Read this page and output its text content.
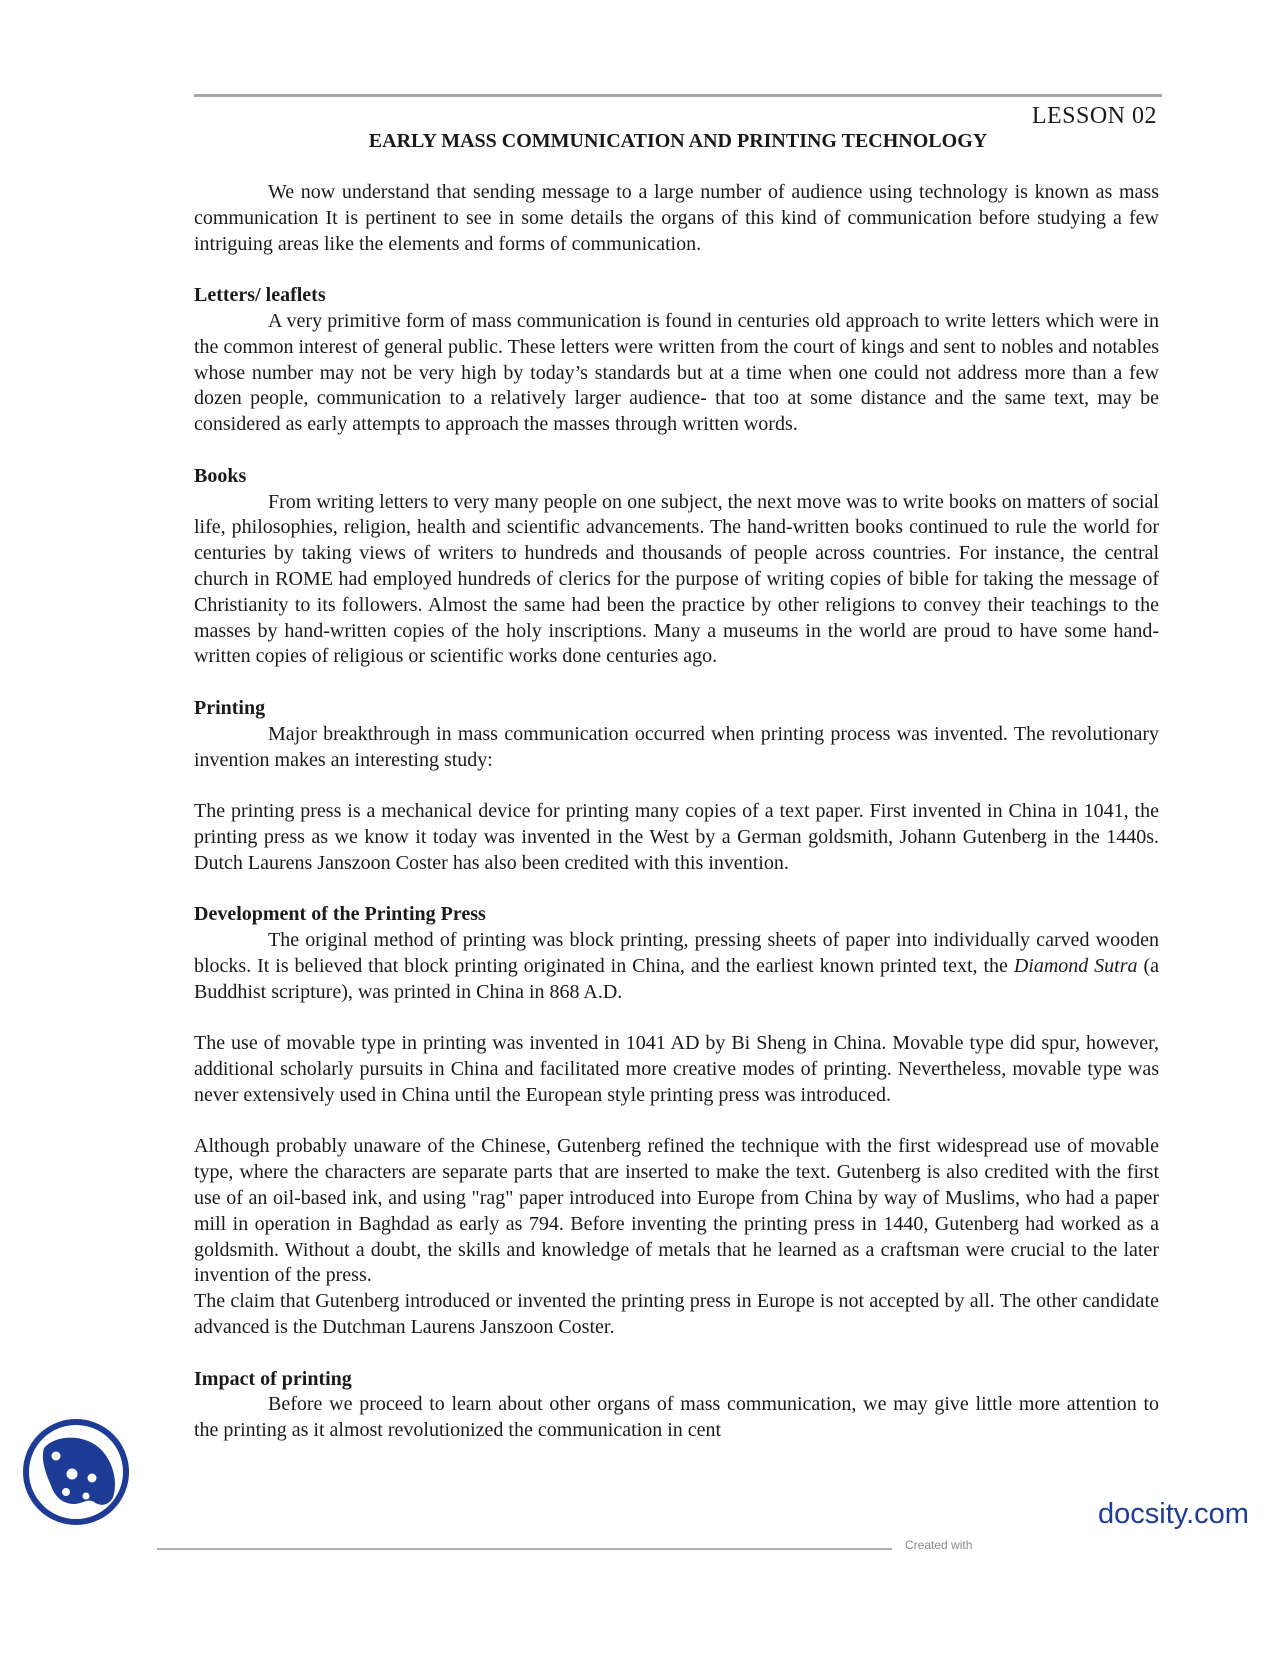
LESSON 02
EARLY MASS COMMUNICATION AND PRINTING TECHNOLOGY

We now understand that sending message to a large number of audience using technology is known as mass communication It is pertinent to see in some details the organs of this kind of communication before studying a few intriguing areas like the elements and forms of communication.

Letters/ leaflets

A very primitive form of mass communication is found in centuries old approach to write letters which were in the common interest of general public. These letters were written from the court of kings and sent to nobles and notables whose number may not be very high by today’s standards but at a time when one could not address more than a few dozen people, communication to a relatively larger audience- that too at some distance and the same text, may be considered as early attempts to approach the masses through written words.

Books

From writing letters to very many people on one subject, the next move was to write books on matters of social life, philosophies, religion, health and scientific advancements. The hand-written books continued to rule the world for centuries by taking views of writers to hundreds and thousands of people across countries. For instance, the central church in ROME had employed hundreds of clerics for the purpose of writing copies of bible for taking the message of Christianity to its followers. Almost the same had been the practice by other religions to convey their teachings to the masses by hand-written copies of the holy inscriptions. Many a museums in the world are proud to have some hand-written copies of religious or scientific works done centuries ago.

Printing

Major breakthrough in mass communication occurred when printing process was invented. The revolutionary invention makes an interesting study:

The printing press is a mechanical device for printing many copies of a text paper. First invented in China in 1041, the printing press as we know it today was invented in the West by a German goldsmith, Johann Gutenberg in the 1440s. Dutch Laurens Janszoon Coster has also been credited with this invention.

Development of the Printing Press

The original method of printing was block printing, pressing sheets of paper into individually carved wooden blocks. It is believed that block printing originated in China, and the earliest known printed text, the Diamond Sutra (a Buddhist scripture), was printed in China in 868 A.D.

The use of movable type in printing was invented in 1041 AD by Bi Sheng in China. Movable type did spur, however, additional scholarly pursuits in China and facilitated more creative modes of printing. Nevertheless, movable type was never extensively used in China until the European style printing press was introduced.

Although probably unaware of the Chinese, Gutenberg refined the technique with the first widespread use of movable type, where the characters are separate parts that are inserted to make the text. Gutenberg is also credited with the first use of an oil-based ink, and using "rag" paper introduced into Europe from China by way of Muslims, who had a paper mill in operation in Baghdad as early as 794. Before inventing the printing press in 1440, Gutenberg had worked as a goldsmith. Without a doubt, the skills and knowledge of metals that he learned as a craftsman were crucial to the later invention of the press.

The claim that Gutenberg introduced or invented the printing press in Europe is not accepted by all. The other candidate advanced is the Dutchman Laurens Janszoon Coster.

Impact of printing

Before we proceed to learn about other organs of mass communication, we may give little more attention to the printing as it almost revolutionized the communication in cent

docsity.com
Created with
